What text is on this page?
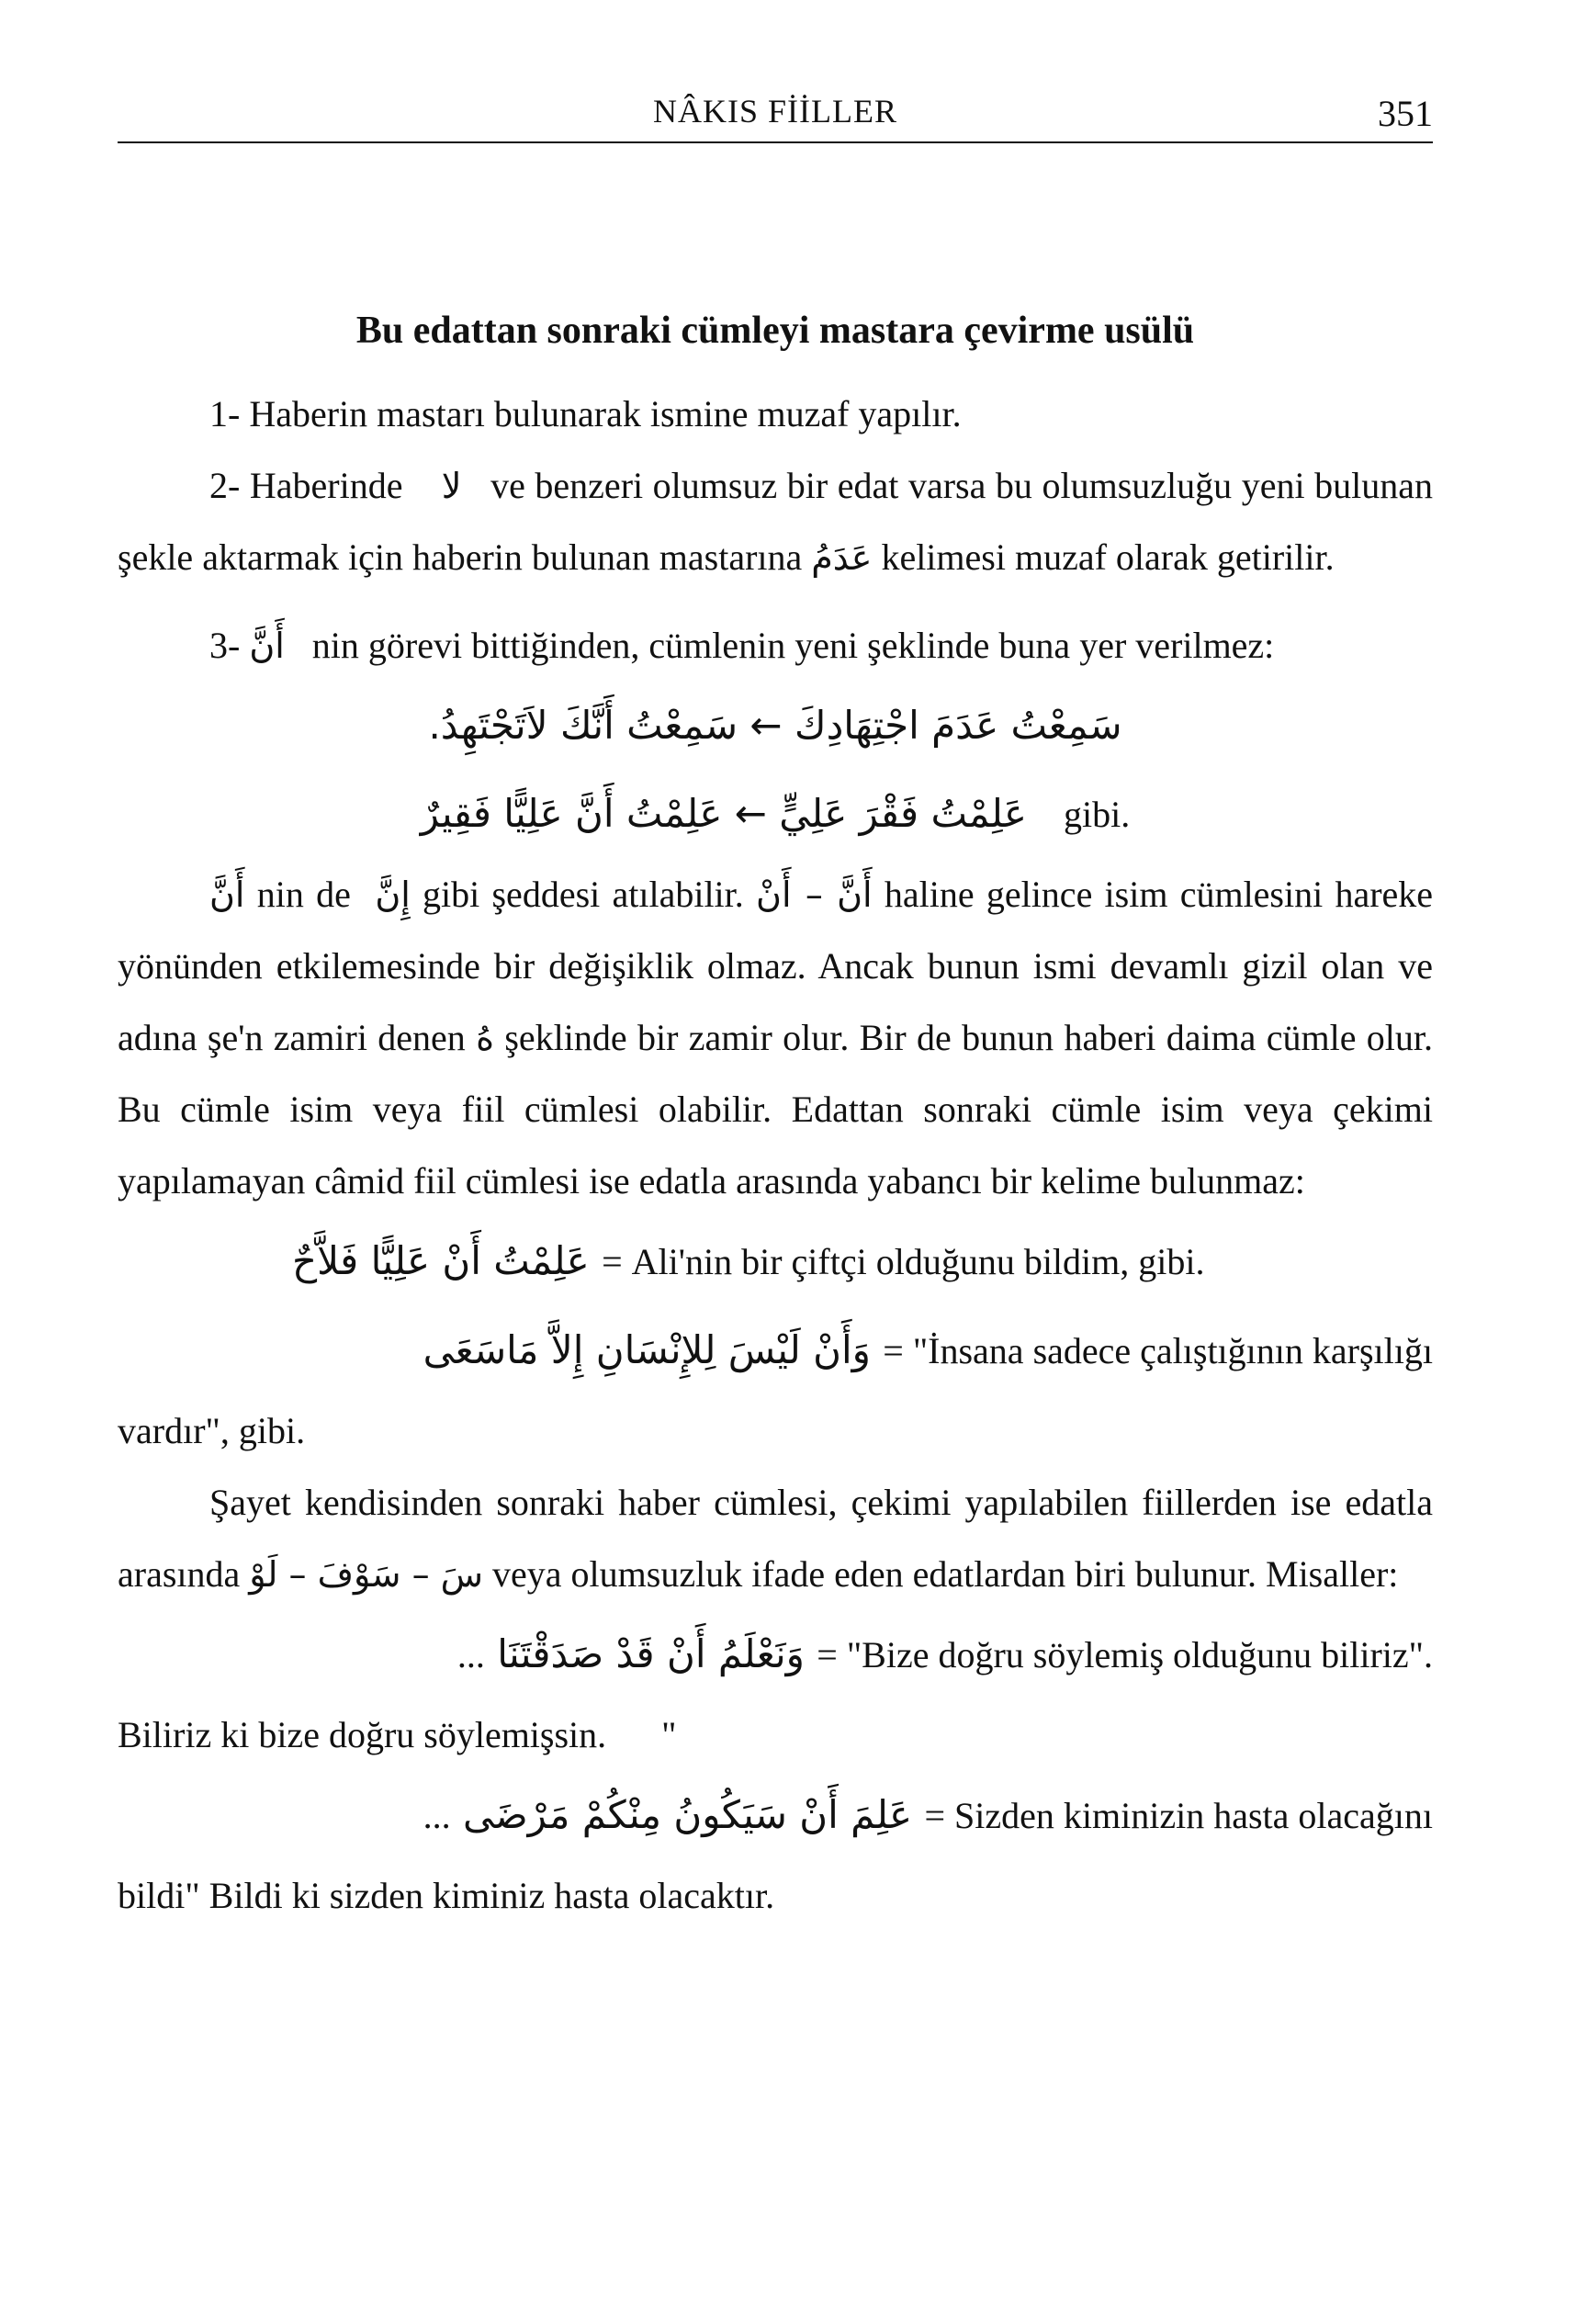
NÂKIS FİİLLER	351
Bu edattan sonraki cümleyi mastara çevirme usülü

1- Haberin mastarı bulunarak ismine muzaf yapılır.

2- Haberinde لا ve benzeri olumsuz bir edat varsa bu olumsuzluğu yeni bulunan şekle aktarmak için haberin bulunan mastarına عَدَمُ kelimesi muzaf olarak getirilir.

3- أَنَّ nin görevi bittiğinden, cümlenin yeni şeklinde buna yer verilmez:

سَمِعْتُ عَدَمَ اجْتِهَادِكَ ← سَمِعْتُ أَنَّكَ لاَتَجْتَهِدُ.
عَلِمْتُ فَقْرَ عَلِيٍّ ← عَلِمْتُ أَنَّ عَلِيًّا فَقِيرٌ gibi.

أَنَّ nin de إِنَّ gibi şeddesi atılabilir. أَنَّ – أَنْ haline gelince isim cümlesini hareke yönünden etkilemesinde bir değişiklik olmaz. Ancak bunun ismi devamlı gizil olan ve adına şe'n zamiri denen هُ şeklinde bir zamir olur. Bir de bunun haberi daima cümle olur. Bu cümle isim veya fiil cümlesi olabilir. Edattan sonraki cümle isim veya çekimi yapılamayan câmid fiil cümlesi ise edatla arasında yabancı bir kelime bulunmaz:

عَلِمْتُ أَنْ عَلِيًّا فَلاَّحٌ = Ali'nin bir çiftçi olduğunu bildim, gibi.
وَأَنْ لَيْسَ لِلإِنْسَانِ إِلاَّ مَاسَعَى = "İnsana sadece çalıştığının karşılığı

vardır", gibi.

Şayet kendisinden sonraki haber cümlesi, çekimi yapılabilen fiillerden ise edatla arasında سَ – سَوْفَ – لَوْ veya olumsuzluk ifade eden edatlardan biri bulunur. Misaller:

... وَنَعْلَمُ أَنْ قَدْ صَدَقْتَنَا = "Bize doğru söylemiş olduğunu biliriz".

Biliriz ki bize doğru söylemişsin. "

... عَلِمَ أَنْ سَيَكُونُ مِنْكُمْ مَرْضَى = Sizden kiminizin hasta olacağını

bildi" Bildi ki sizden kiminiz hasta olacaktır.
